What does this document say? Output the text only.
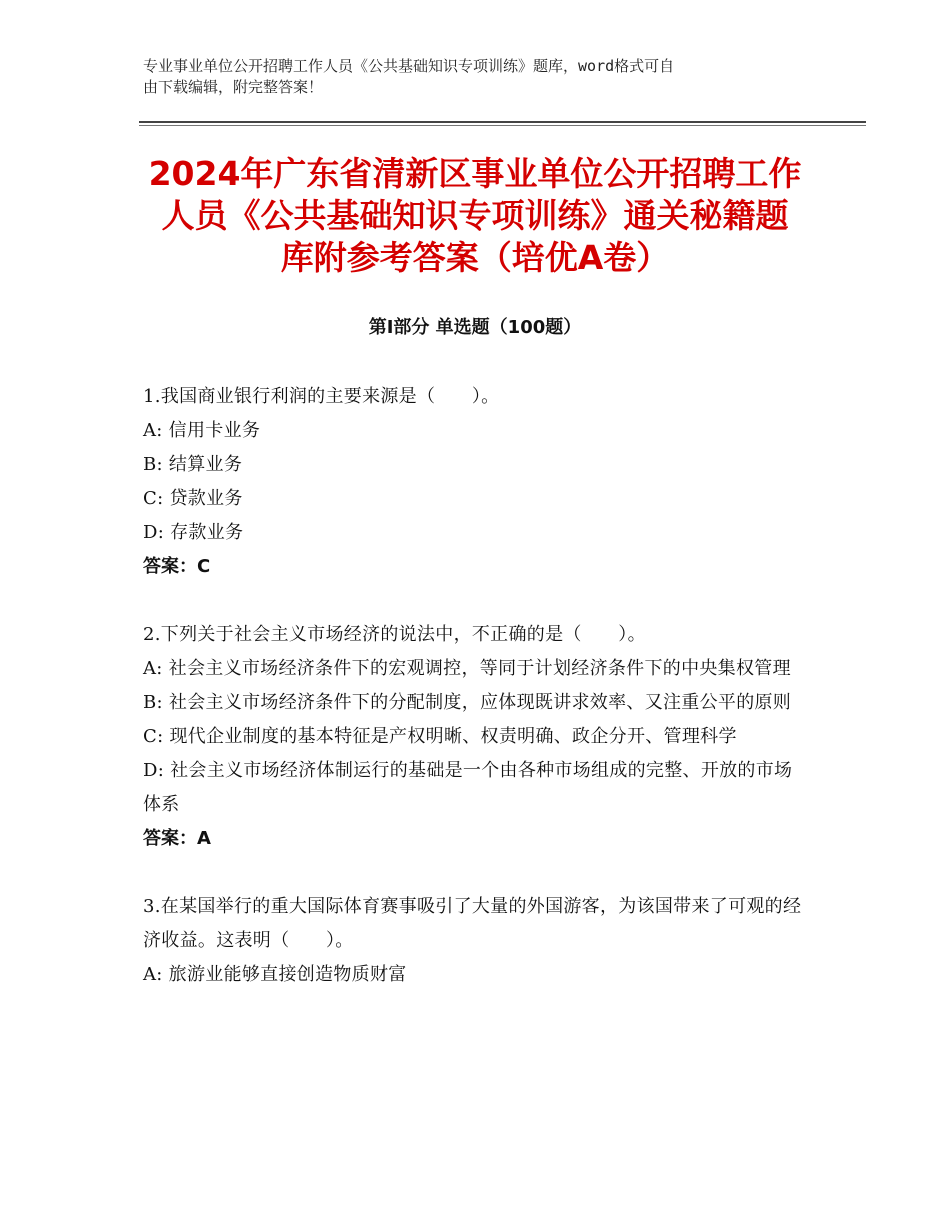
专业事业单位公开招聘工作人员《公共基础知识专项训练》题库，word格式可自
由下载编辑，附完整答案！
2024年广东省清新区事业单位公开招聘工作
人员《公共基础知识专项训练》通关秘籍题
库附参考答案（培优A卷）
第Ⅰ部分 单选题（100题）
1.我国商业银行利润的主要来源是（　　）。
A: 信用卡业务
B: 结算业务
C: 贷款业务
D: 存款业务
答案：C
2.下列关于社会主义市场经济的说法中，不正确的是（　　）。
A: 社会主义市场经济条件下的宏观调控，等同于计划经济条件下的中央集权管理
B: 社会主义市场经济条件下的分配制度，应体现既讲求效率、又注重公平的原则
C: 现代企业制度的基本特征是产权明晰、权责明确、政企分开、管理科学
D: 社会主义市场经济体制运行的基础是一个由各种市场组成的完整、开放的市场体系
答案：A
3.在某国举行的重大国际体育赛事吸引了大量的外国游客，为该国带来了可观的经济收益。这表明（　　）。
A: 旅游业能够直接创造物质财富
